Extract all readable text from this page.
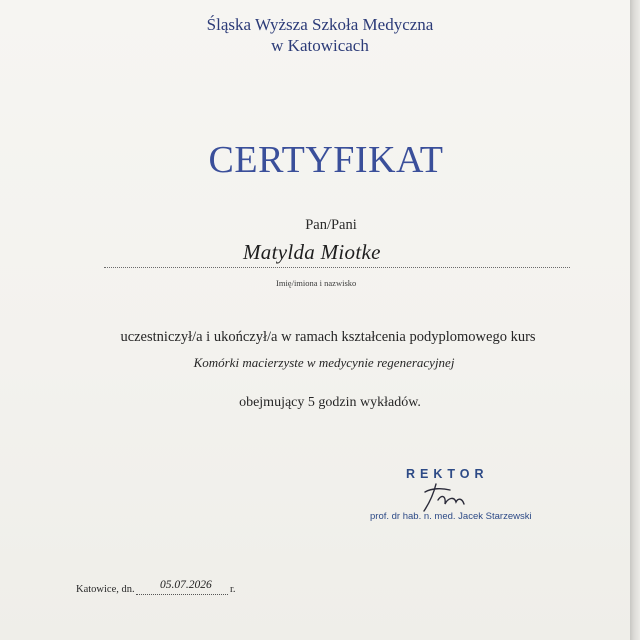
Śląska Wyższa Szkoła Medyczna
w Katowicach
CERTYFIKAT
Pan/Pani
Matylda Miotke
Imię/imiona i nazwisko
uczestniczył/a i ukończył/a w ramach kształcenia podyplomowego kurs
Komórki macierzyste w medycynie regeneracyjnej
obejmujący 5 godzin wykładów.
REKTOR
prof. dr hab. n. med. Jacek Starzewski
Katowice, dn. 05.07.2026 r.
